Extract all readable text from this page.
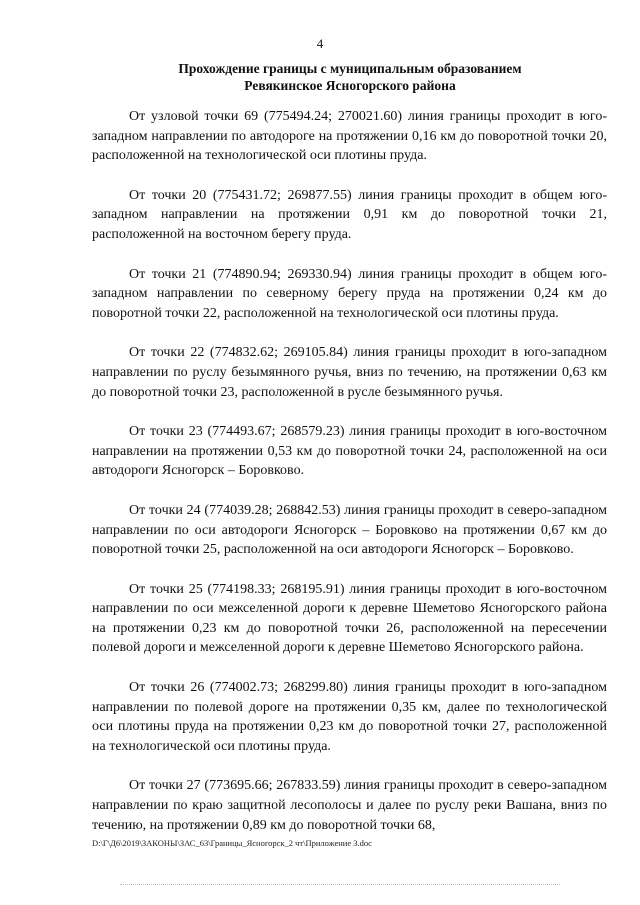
4
Прохождение границы с муниципальным образованием
Ревякинское Ясногорского района

От узловой точки 69 (775494.24; 270021.60) линия границы проходит в юго-западном направлении по автодороге на протяжении 0,16 км до поворотной точки 20, расположенной на технологической оси плотины пруда.

От точки 20 (775431.72; 269877.55) линия границы проходит в общем юго-западном направлении на протяжении 0,91 км до поворотной точки 21, расположенной на восточном берегу пруда.

От точки 21 (774890.94; 269330.94) линия границы проходит в общем юго-западном направлении по северному берегу пруда на протяжении 0,24 км до поворотной точки 22, расположенной на технологической оси плотины пруда.

От точки 22 (774832.62; 269105.84) линия границы проходит в юго-западном направлении по руслу безымянного ручья, вниз по течению, на протяжении 0,63 км до поворотной точки 23, расположенной в русле безымянного ручья.

От точки 23 (774493.67; 268579.23) линия границы проходит в юго-восточном направлении на протяжении 0,53 км до поворотной точки 24, расположенной на оси автодороги Ясногорск – Боровково.

От точки 24 (774039.28; 268842.53) линия границы проходит в северо-западном направлении по оси автодороги Ясногорск – Боровково на протяжении 0,67 км до поворотной точки 25, расположенной на оси автодороги Ясногорск – Боровково.

От точки 25 (774198.33; 268195.91) линия границы проходит в юго-восточном направлении по оси межселенной дороги к деревне Шеметово Ясногорского района на протяжении 0,23 км до поворотной точки 26, расположенной на пересечении полевой дороги и межселенной дороги к деревне Шеметово Ясногорского района.

От точки 26 (774002.73; 268299.80) линия границы проходит в юго-западном направлении по полевой дороге на протяжении 0,35 км, далее по технологической оси плотины пруда на протяжении 0,23 км до поворотной точки 27, расположенной на технологической оси плотины пруда.

От точки 27 (773695.66; 267833.59) линия границы проходит в северо-западном направлении по краю защитной лесополосы и далее по руслу реки Вашана, вниз по течению, на протяжении 0,89 км до поворотной точки 68,

D:\Г\Д6\2019\ЗАКОНЫ\ЗАС_63\Границы_Ясногорск_2 чт\Приложение 3.doc
